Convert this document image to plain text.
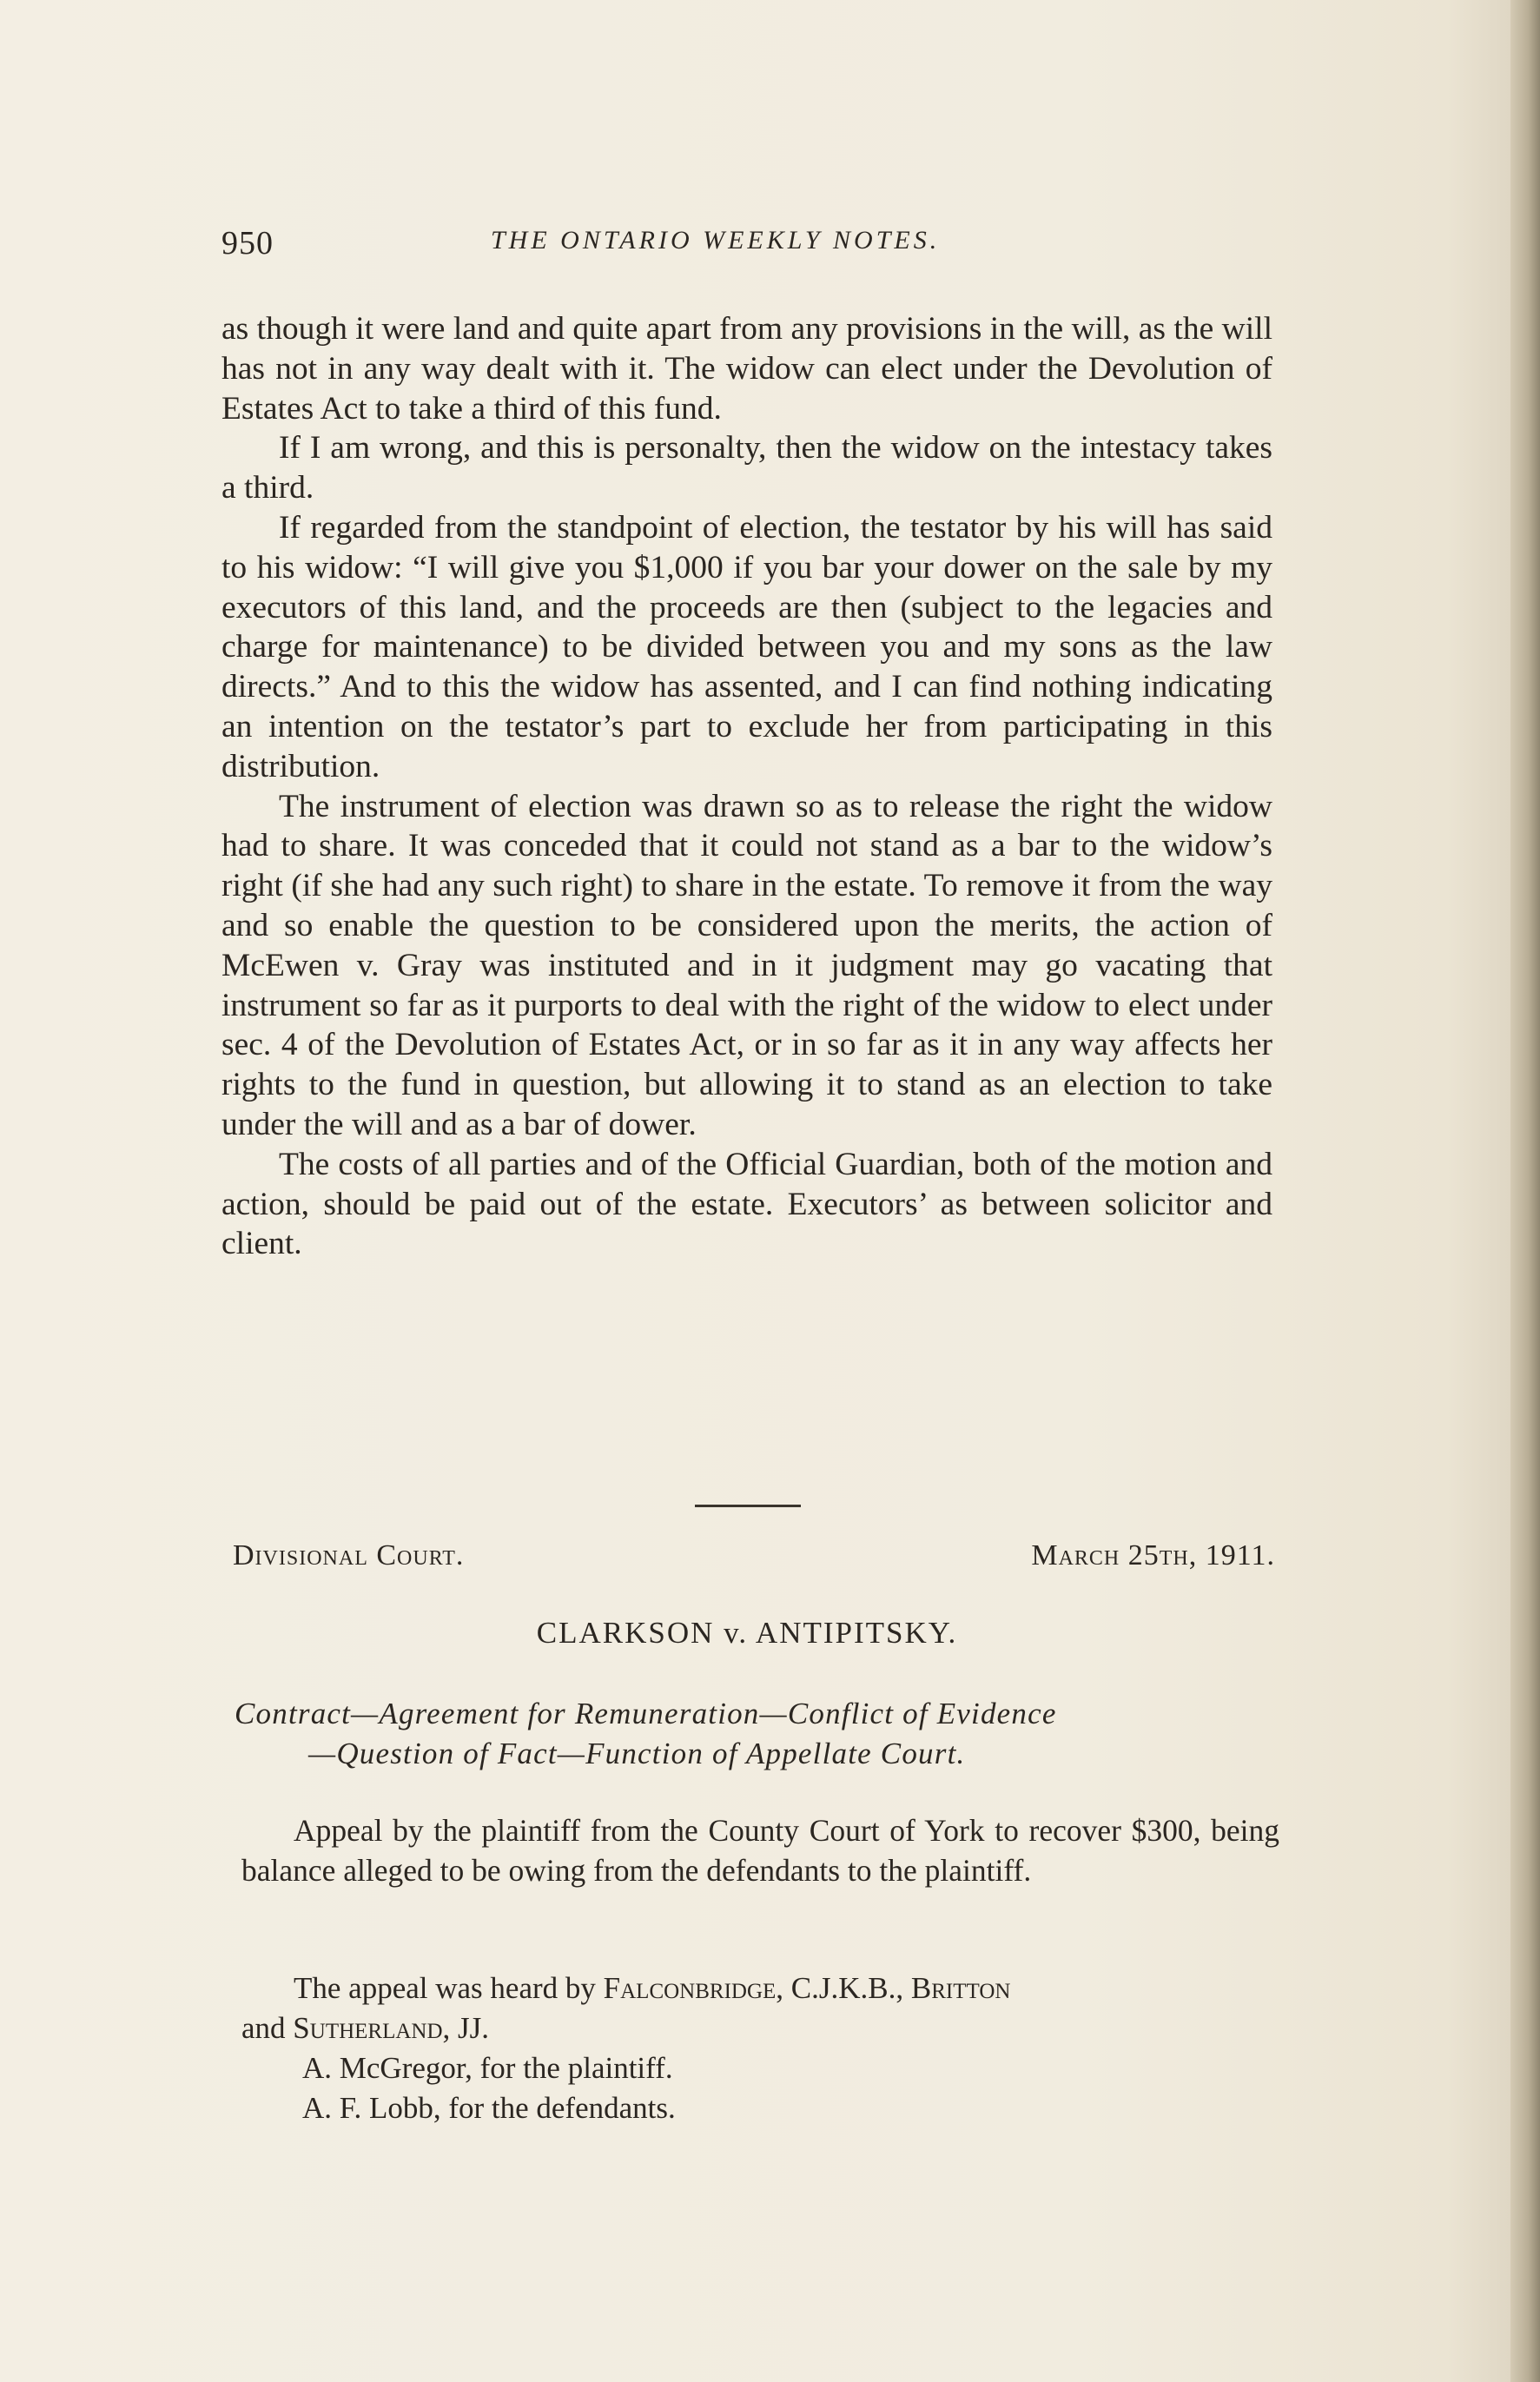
950	THE ONTARIO WEEKLY NOTES.

as though it were land and quite apart from any provisions in the will, as the will has not in any way dealt with it. The widow can elect under the Devolution of Estates Act to take a third of this fund.

If I am wrong, and this is personalty, then the widow on the intestacy takes a third.

If regarded from the standpoint of election, the testator by his will has said to his widow: “I will give you $1,000 if you bar your dower on the sale by my executors of this land, and the proceeds are then (subject to the legacies and charge for maintenance) to be divided between you and my sons as the law directs.” And to this the widow has assented, and I can find nothing indicating an intention on the testator’s part to exclude her from participating in this distribution.

The instrument of election was drawn so as to release the right the widow had to share. It was conceded that it could not stand as a bar to the widow’s right (if she had any such right) to share in the estate. To remove it from the way and so enable the question to be considered upon the merits, the action of McEwen v. Gray was instituted and in it judgment may go vacating that instrument so far as it purports to deal with the right of the widow to elect under sec. 4 of the Devolution of Estates Act, or in so far as it in any way affects her rights to the fund in question, but allowing it to stand as an election to take under the will and as a bar of dower.

The costs of all parties and of the Official Guardian, both of the motion and action, should be paid out of the estate. Executors’ as between solicitor and client.

Divisional Court.	March 25th, 1911.
CLARKSON v. ANTIPITSKY.
Contract—Agreement for Remuneration—Conflict of Evidence
—Question of Fact—Function of Appellate Court.

Appeal by the plaintiff from the County Court of York to recover $300, being balance alleged to be owing from the defendants to the plaintiff.

The appeal was heard by Falconbridge, C.J.K.B., Britton
and Sutherland, JJ.

A. McGregor, for the plaintiff.

A. F. Lobb, for the defendants.
